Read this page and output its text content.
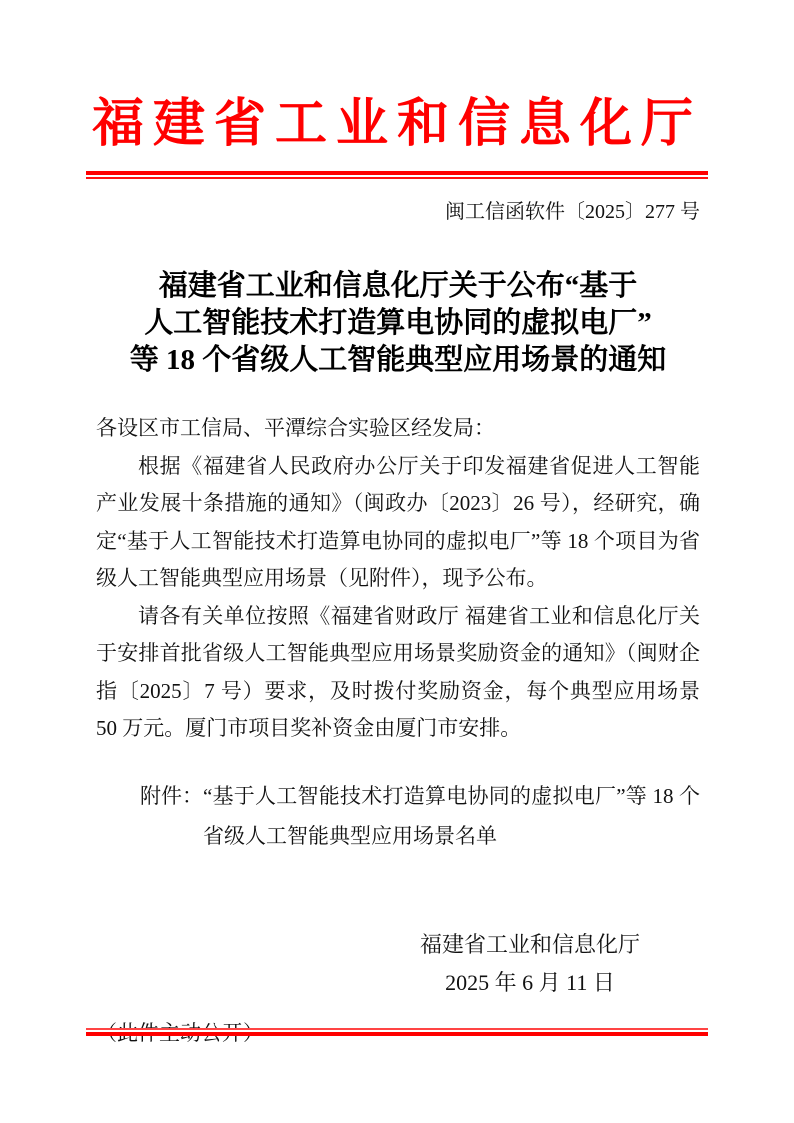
福建省工业和信息化厅
闽工信函软件〔2025〕277 号
福建省工业和信息化厅关于公布“基于
人工智能技术打造算电协同的虚拟电厂”
等 18 个省级人工智能典型应用场景的通知
各设区市工信局、平潭综合实验区经发局：
根据《福建省人民政府办公厅关于印发福建省促进人工智能产业发展十条措施的通知》（闽政办〔2023〕26 号），经研究，确定“基于人工智能技术打造算电协同的虚拟电厂”等 18 个项目为省级人工智能典型应用场景（见附件），现予公布。
请各有关单位按照《福建省财政厅 福建省工业和信息化厅关于安排首批省级人工智能典型应用场景奖励资金的通知》（闽财企指〔2025〕7 号）要求，及时拨付奖励资金，每个典型应用场景 50 万元。厦门市项目奖补资金由厦门市安排。
附件： “基于人工智能技术打造算电协同的虚拟电厂”等 18 个省级人工智能典型应用场景名单
福建省工业和信息化厅
2025 年 6 月 11 日
